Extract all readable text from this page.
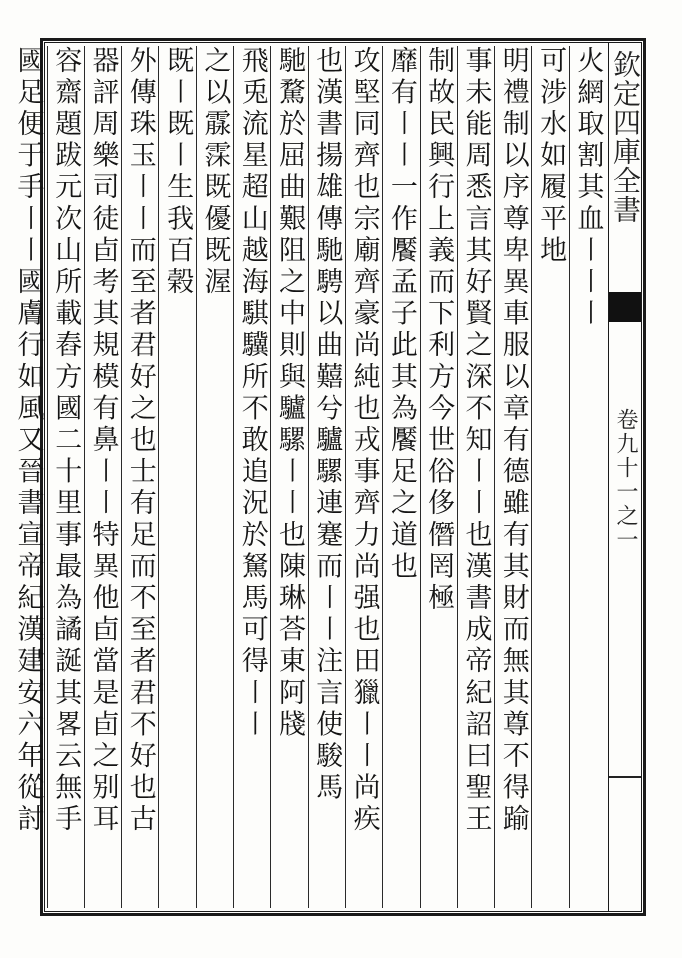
欽定四庫全書
卷九十一之一
火網取割其血〡〡〡
可涉水如履平地
明禮制以序尊卑異車服以章有德雖有其財而無其尊不得踰
事未能周悉言其好賢之深不知〡〡也漢書成帝紀詔曰聖王
制故民興行上義而下利方今世俗侈僭罔極
靡有〡〡一作饜孟子此其為饜足之道也
攻堅同齊也宗廟齊豪尚純也戎事齊力尚强也田獵〡〡尚疾
也漢書揚雄傳馳騁以曲囏兮驢騾連蹇而〡〡注言使駿馬
馳騖於屈曲艱阻之中則與驢騾〡〡也陳琳荅東阿牋
飛兎流星超山越海騏驥所不敢追況於駑馬可得〡〡
之以霡霂既優既渥
既〡既〡生我百榖
外傳珠玉〡〡而至者君好之也士有足而不至者君不好也古
器評周樂司徒卣考其規模有鼻〡〡特異他卣當是卣之别耳
容齋題跋元次山所載舂方國二十里事最為譎誕其畧云無手
國足便于手〡〡國膚行如風又晉書宣帝紀漢建安六年從討
